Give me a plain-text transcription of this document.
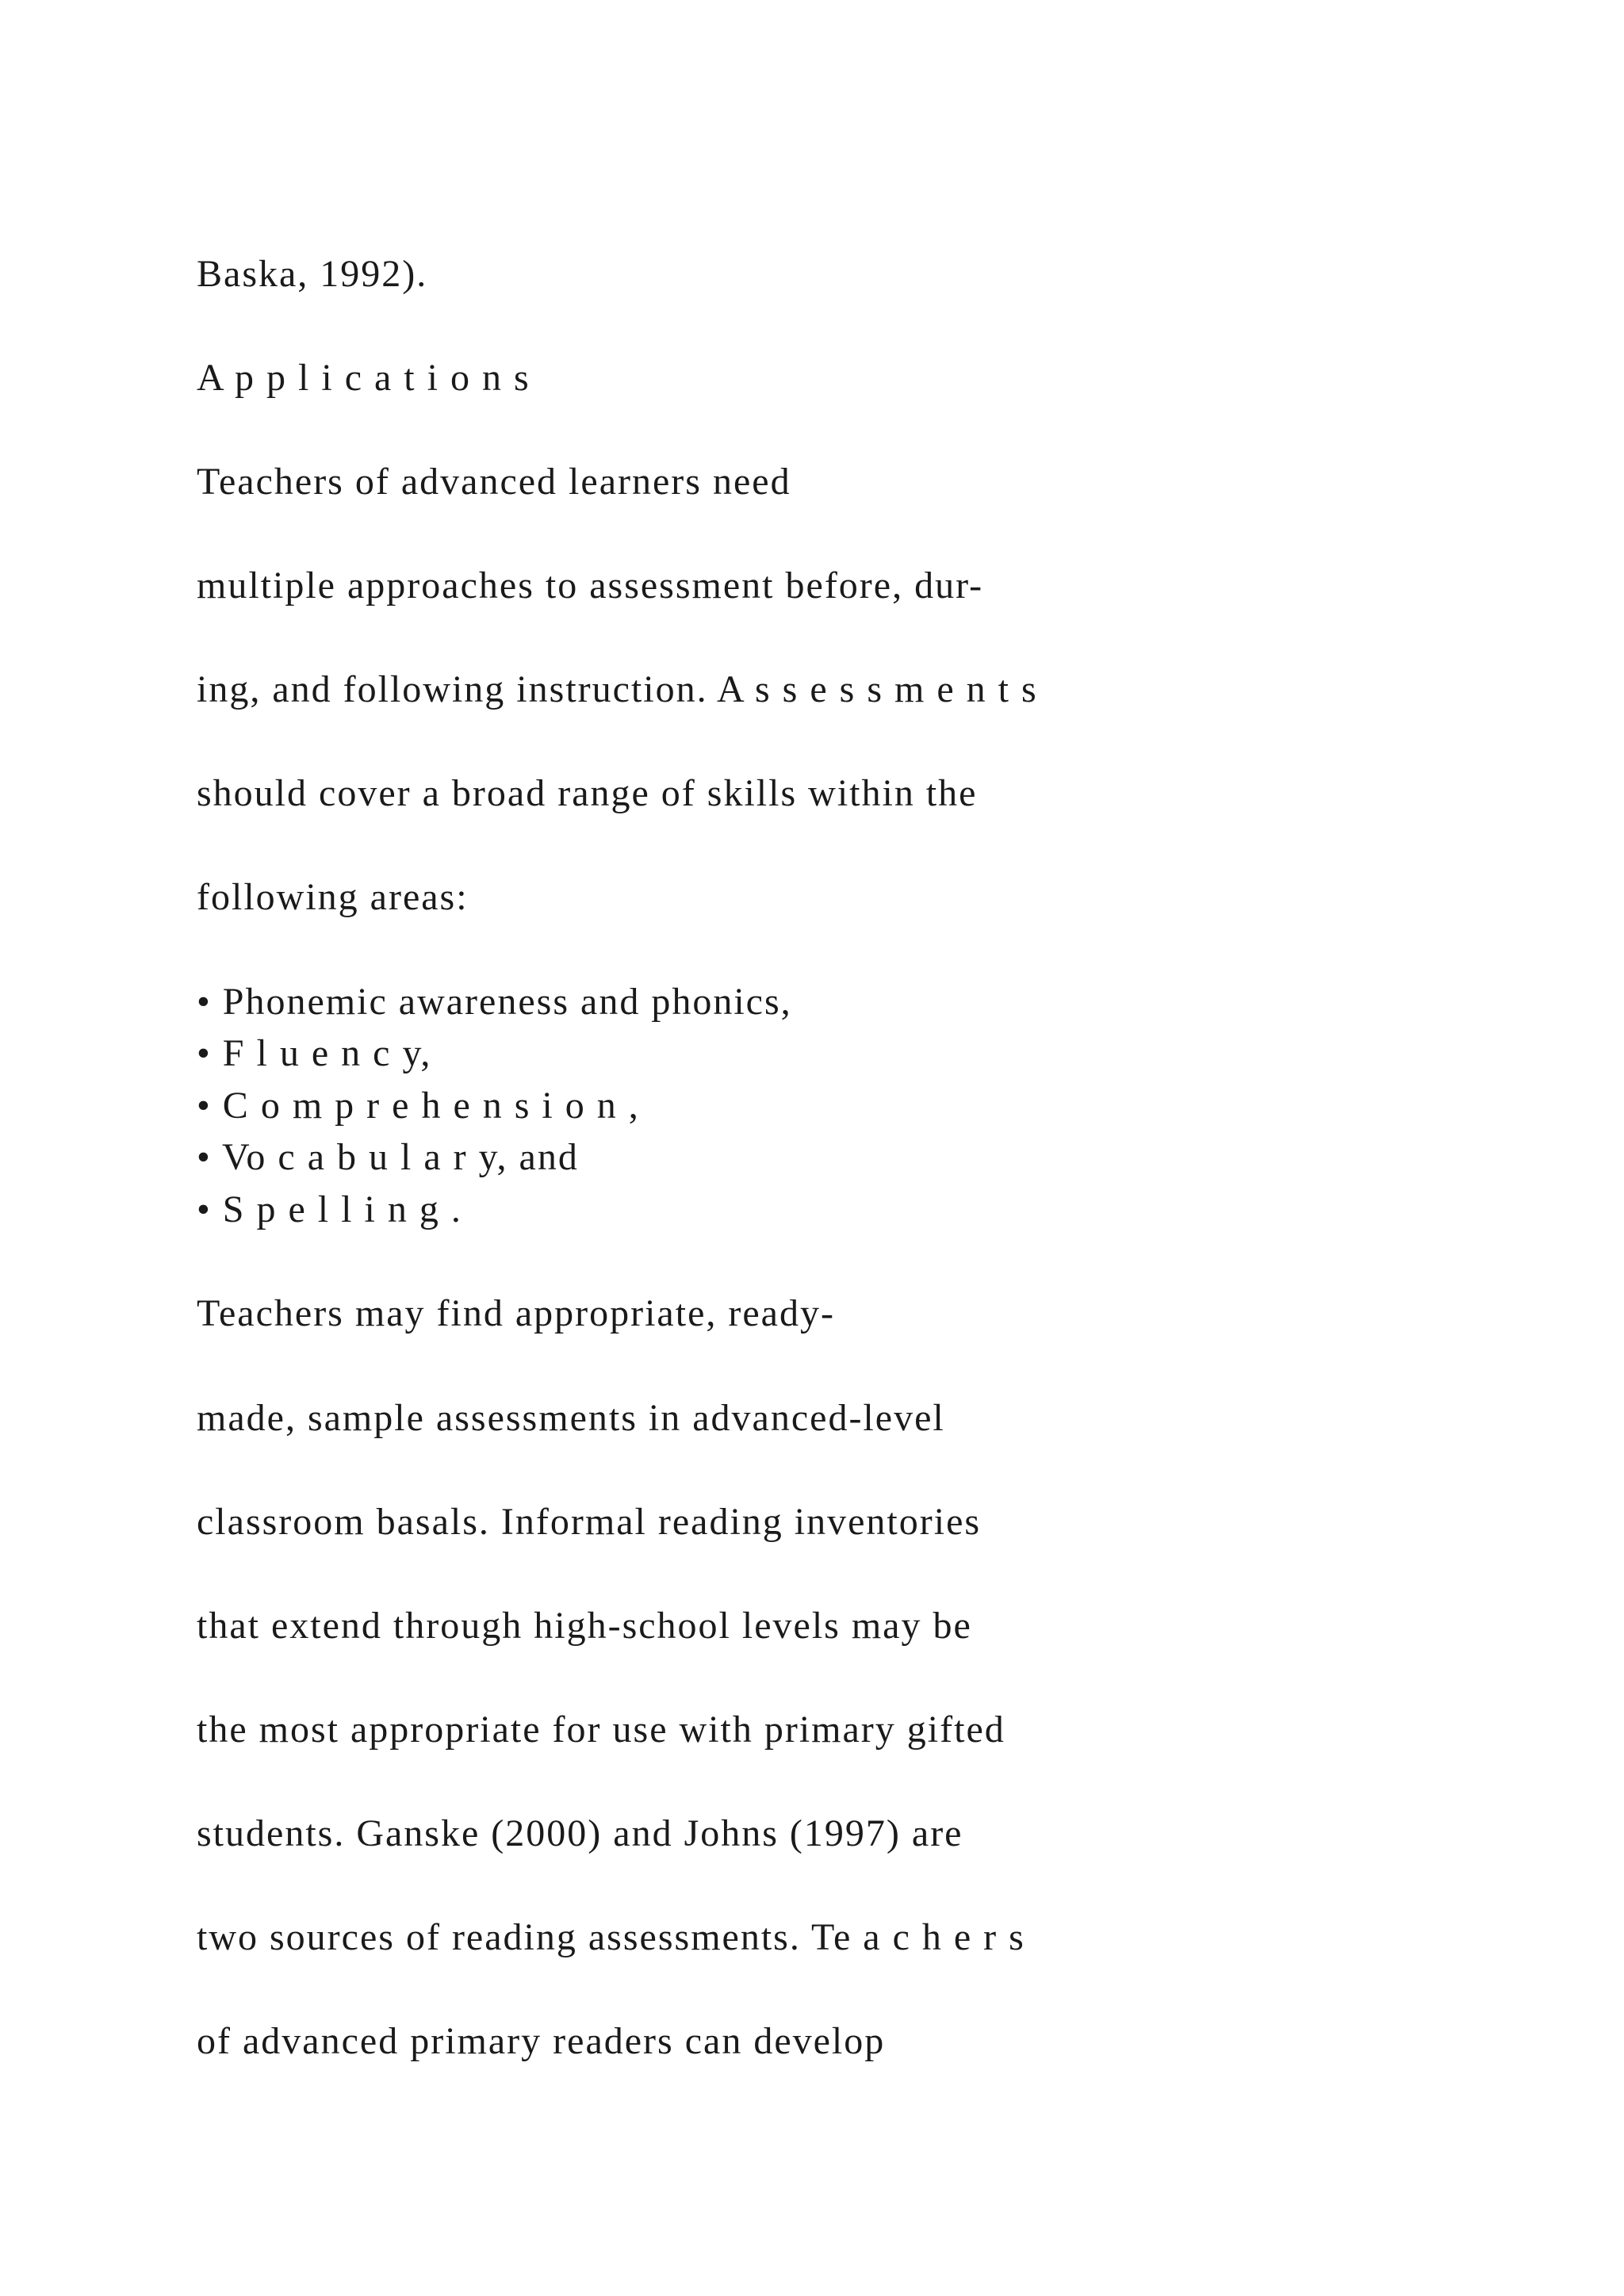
Baska, 1992).
A p p l i c a t i o n s
Teachers of advanced learners need
multiple approaches to assessment before, dur-
ing, and following instruction. A s s e s s m e n t s
should cover a broad range of skills within the
following areas:
• Phonemic awareness and phonics,
• F l u e n c y,
• C o m p r e h e n s i o n ,
• Vo c a b u l a r y, and
• S p e l l i n g .
Teachers may find appropriate, ready-
made, sample assessments in advanced-level
classroom basals. Informal reading inventories
that extend through high-school levels may be
the most appropriate for use with primary gifted
students. Ganske (2000) and Johns (1997) are
two sources of reading assessments. Te a c h e r s
of advanced primary readers can develop
